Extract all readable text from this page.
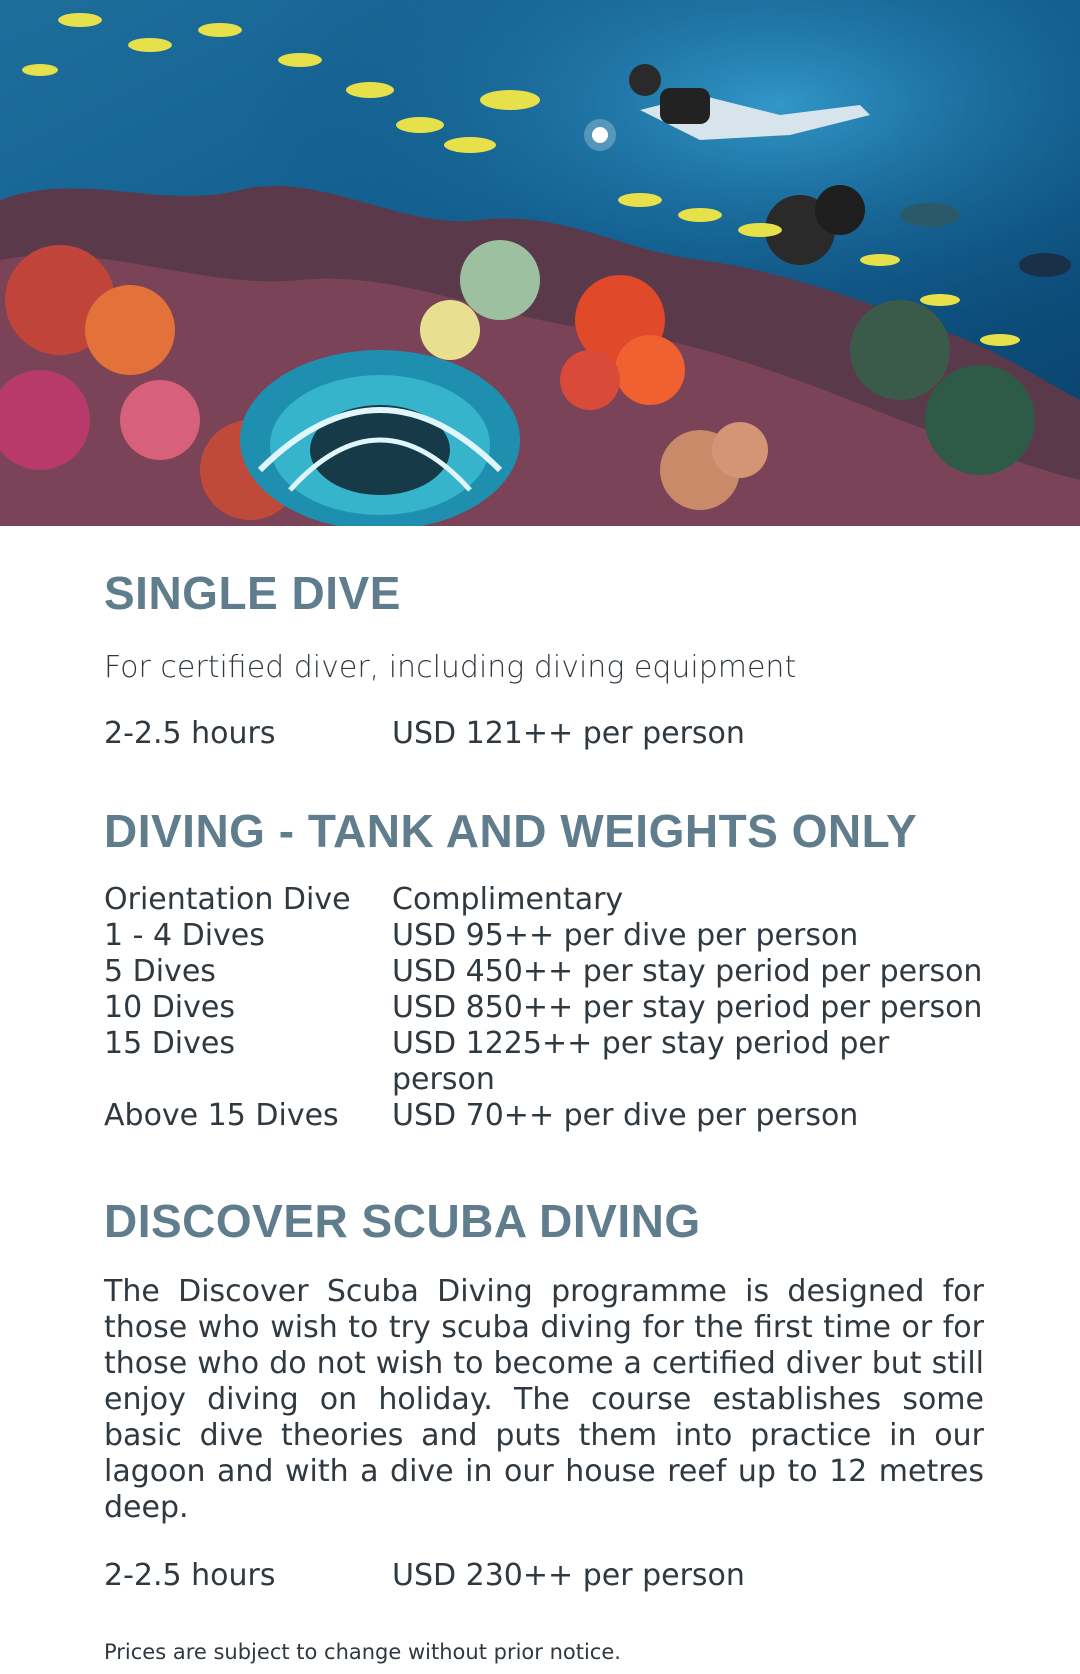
SINGLE DIVE

For certified diver, including diving equipment

2-2.5 hours	USD 121++ per person
DIVING - TANK AND WEIGHTS ONLY
Orientation Dive	Complimentary
1 - 4 Dives	USD 95++ per dive per person
5 Dives	USD 450++ per stay period per person
10 Dives	USD 850++ per stay period per person
15 Dives	USD 1225++ per stay period per person
Above 15 Dives	USD 70++ per dive per person
DISCOVER SCUBA DIVING

The Discover Scuba Diving programme is designed for those who wish to try scuba diving for the first time or for those who do not wish to become a certified diver but still enjoy diving on holiday. The course establishes some basic dive theories and puts them into practice in our lagoon and with a dive in our house reef up to 12 metres deep.

2-2.5 hours	USD 230++ per person

Prices are subject to change without prior notice.
